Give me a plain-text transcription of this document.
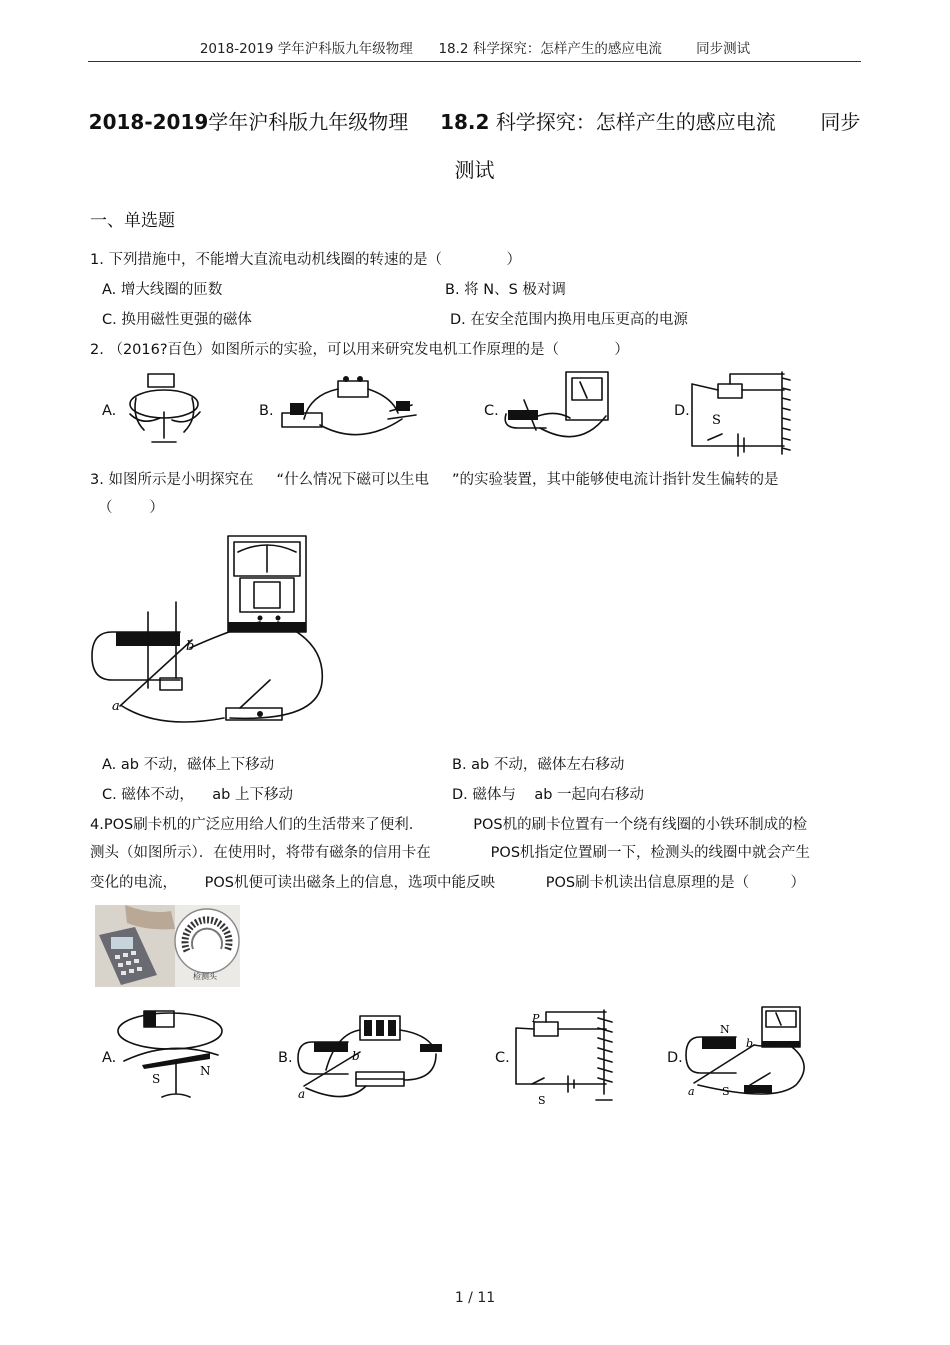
2018-2019 学年沪科版九年级物理      18.2 科学探究：怎样产生的感应电流        同步测试
2018-2019学年沪科版九年级物理 18.2 科学探究：怎样产生的感应电流 同步
测试
一、单选题
1. 下列措施中，不能增大直流电动机线圈的转速的是（              ）
A. 增大线圈的匝数	B. 将 N、S 极对调
C. 换用磁性更强的磁体	D. 在安全范围内换用电压更高的电源
2. （2016?百色）如图所示的实验，可以用来研究发电机工作原理的是（            ）
A.	B.	C.	D.
S
3. 如图所示是小明探究在     “什么情况下磁可以生电     ”的实验装置，其中能够使电流计指针发生偏转的是
（        ）
b
a
A. ab 不动，磁体上下移动	B. ab 不动，磁体左右移动
C. 磁体不动，    ab 上下移动	D. 磁体与    ab 一起向右移动
4.POS刷卡机的广泛应用给人们的生活带来了便利.             POS机的刷卡位置有一个绕有线圈的小铁环制成的检
测头（如图所示）．在使用时，将带有磁条的信用卡在             POS机指定位置刷一下，检测头的线圈中就会产生
变化的电流，      POS机便可读出磁条上的信息，选项中能反映           POS刷卡机读出信息原理的是（         ）
检测头
A.
S
N
B.	b
a
C.
P
S
D.
N
S
b
a
1 / 11
